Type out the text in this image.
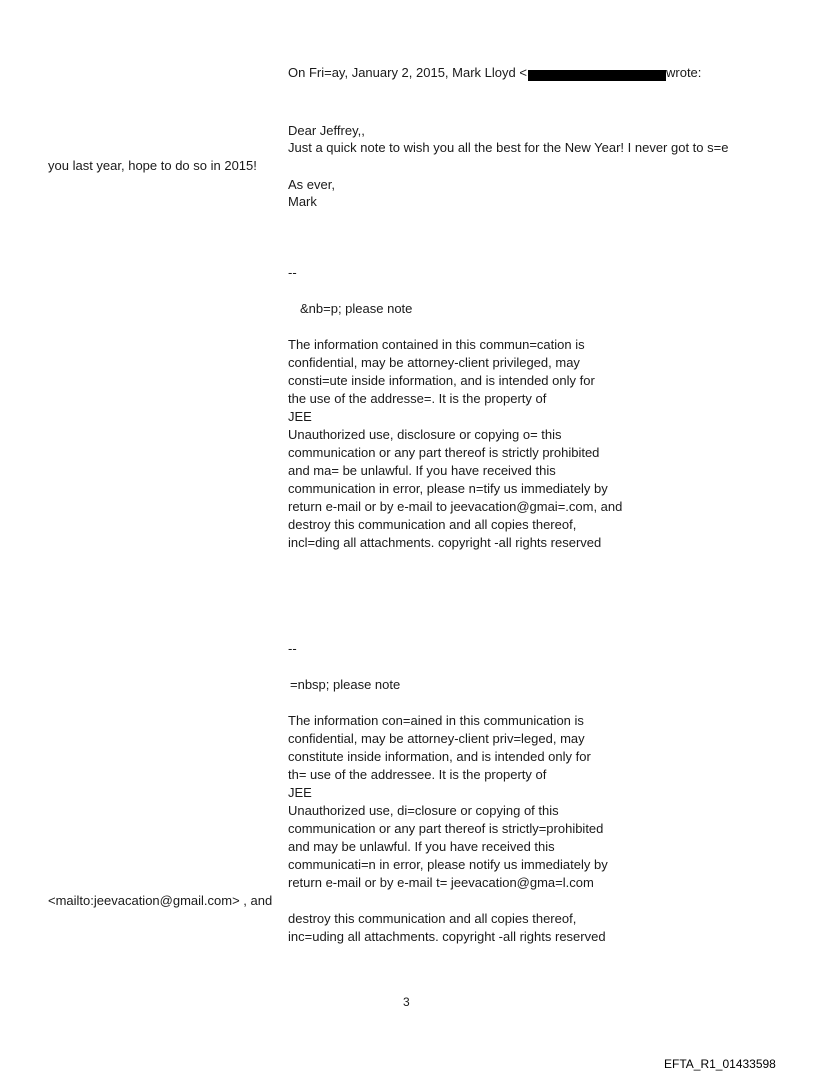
On Fri=ay, January 2, 2015, Mark Lloyd <	wrote:
Dear Jeffrey,,
Just a quick note to wish you all the best for the New Year! I never got to s=e
you last year, hope to do so in 2015!
As ever,
Mark
--
&nb=p; please note
The information contained in this commun=cation is
confidential, may be attorney-client privileged, may
consti=ute inside information, and is intended only for
the use of the addresse=. It is the property of
JEE
Unauthorized use, disclosure or copying o= this
communication or any part thereof is strictly prohibited
and ma= be unlawful. If you have received this
communication in error, please n=tify us immediately by
return e-mail or by e-mail to jeevacation@gmai=.com, and
destroy this communication and all copies thereof,
incl=ding all attachments. copyright -all rights reserved
--
=nbsp; please note
The information con=ained in this communication is
confidential, may be attorney-client priv=leged, may
constitute inside information, and is intended only for
th= use of the addressee. It is the property of
JEE
Unauthorized use, di=closure or copying of this
communication or any part thereof is strictly=prohibited
and may be unlawful. If you have received this
communicati=n in error, please notify us immediately by
return e-mail or by e-mail t= jeevacation@gma=l.com
<mailto:jeevacation@gmail.com> , and
destroy this communication and all copies thereof,
inc=uding all attachments. copyright -all rights reserved
3
EFTA_R1_01433598
